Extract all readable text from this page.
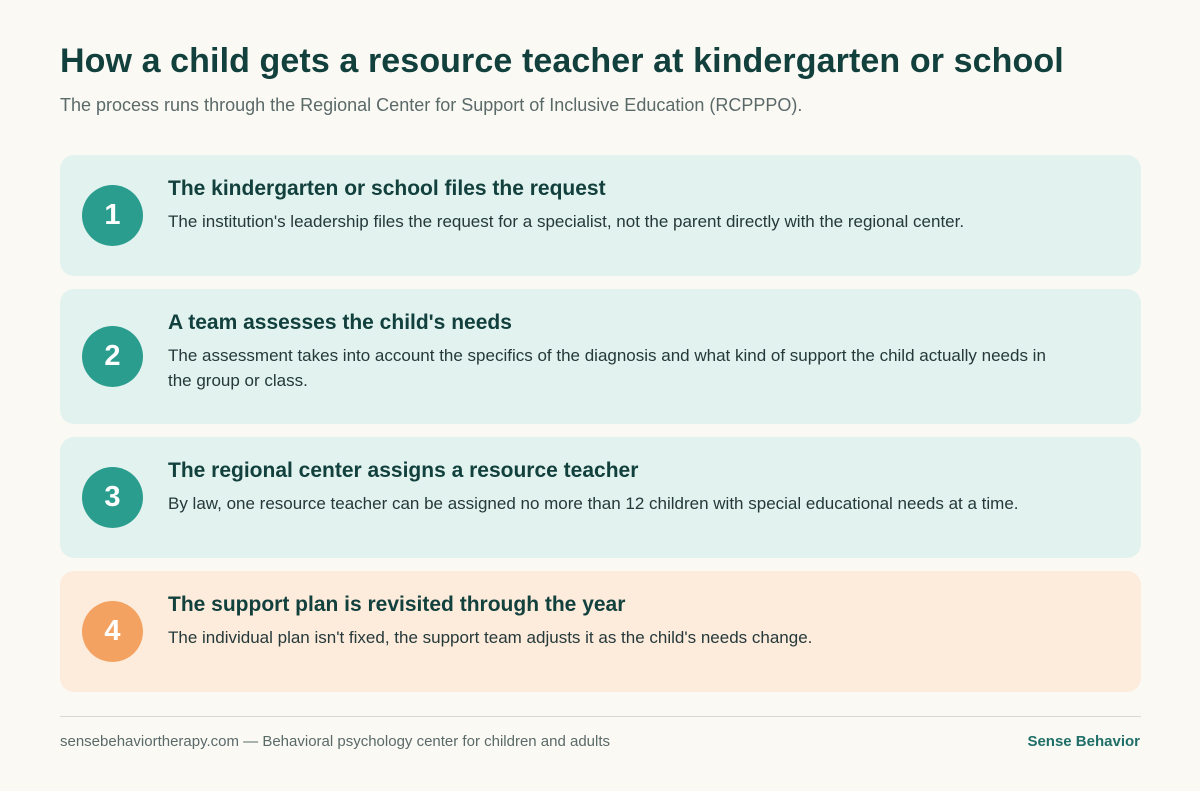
How a child gets a resource teacher at kindergarten or school

The process runs through the Regional Center for Support of Inclusive Education (RCPPPO).

1
The kindergarten or school files the request
The institution's leadership files the request for a specialist, not the parent directly with the regional center.
2
A team assesses the child's needs
The assessment takes into account the specifics of the diagnosis and what kind of support the child actually needs in the group or class.
3
The regional center assigns a resource teacher
By law, one resource teacher can be assigned no more than 12 children with special educational needs at a time.
4
The support plan is revisited through the year
The individual plan isn't fixed, the support team adjusts it as the child's needs change.
sensebehaviortherapy.com — Behavioral psychology center for children and adults	Sense Behavior
